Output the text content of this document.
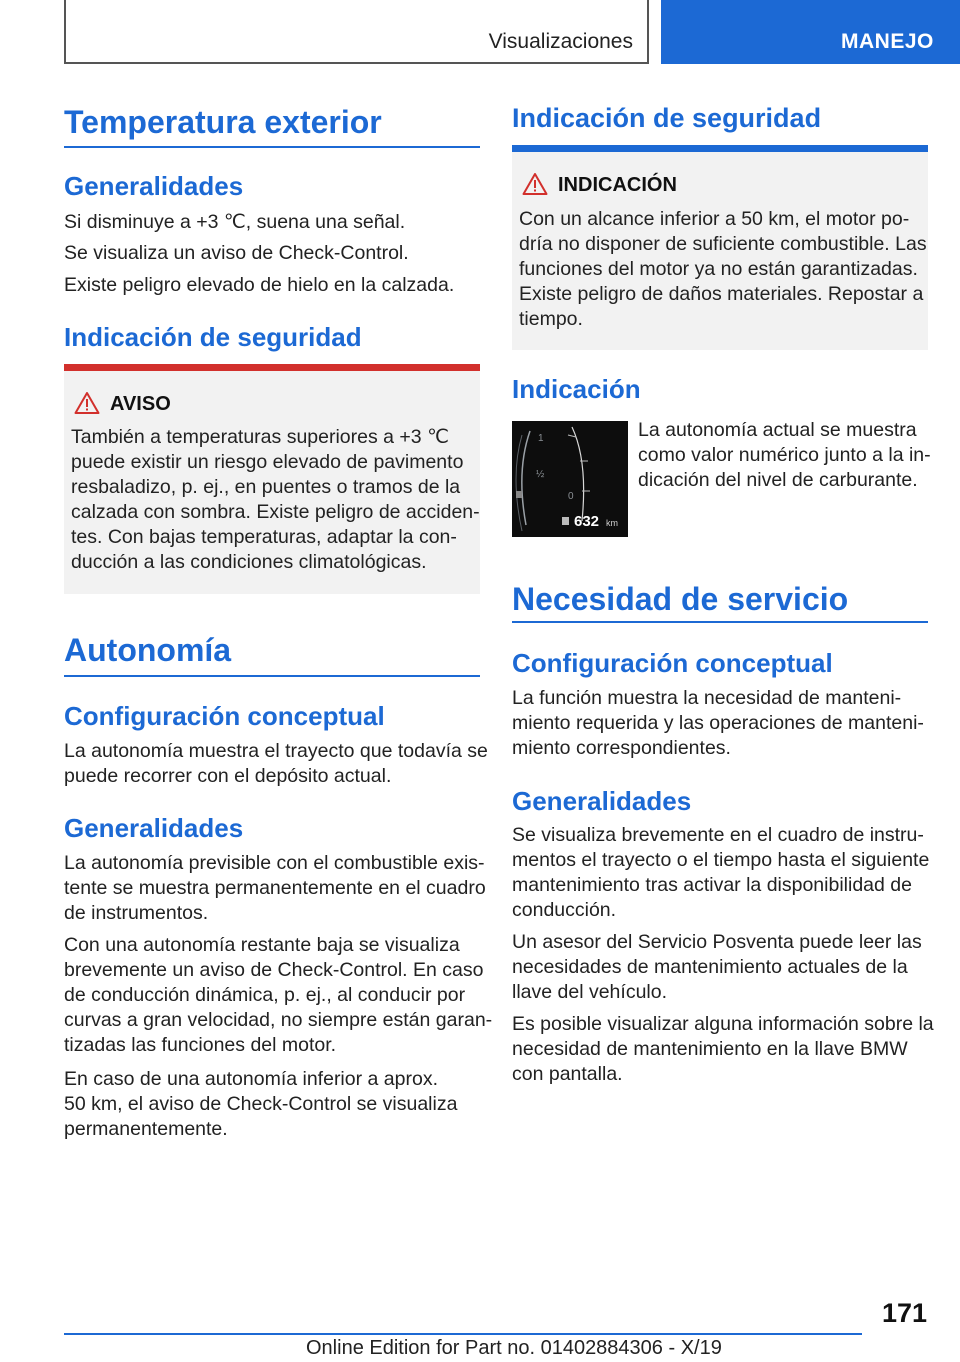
Visualizaciones	MANEJO
Temperatura exterior
Generalidades
Si disminuye a +3 ℃, suena una señal.
Se visualiza un aviso de Check-Control.
Existe peligro elevado de hielo en la calzada.
Indicación de seguridad
AVISO
También a temperaturas superiores a +3 ℃
puede existir un riesgo elevado de pavimento
resbaladizo, p. ej., en puentes o tramos de la
calzada con sombra. Existe peligro de acciden-
tes. Con bajas temperaturas, adaptar la con-
ducción a las condiciones climatológicas.
Autonomía
Configuración conceptual
La autonomía muestra el trayecto que todavía se
puede recorrer con el depósito actual.
Generalidades
La autonomía previsible con el combustible exis-
tente se muestra permanentemente en el cuadro
de instrumentos.
Con una autonomía restante baja se visualiza
brevemente un aviso de Check-Control. En caso
de conducción dinámica, p. ej., al conducir por
curvas a gran velocidad, no siempre están garan-
tizadas las funciones del motor.
En caso de una autonomía inferior a aprox.
50 km, el aviso de Check-Control se visualiza
permanentemente.
Indicación de seguridad
INDICACIÓN
Con un alcance inferior a 50 km, el motor po-
dría no disponer de suficiente combustible. Las
funciones del motor ya no están garantizadas.
Existe peligro de daños materiales. Repostar a
tiempo.
Indicación
1
½
0
632 km
La autonomía actual se muestra
como valor numérico junto a la in-
dicación del nivel de carburante.
Necesidad de servicio
Configuración conceptual
La función muestra la necesidad de manteni-
miento requerida y las operaciones de manteni-
miento correspondientes.
Generalidades
Se visualiza brevemente en el cuadro de instru-
mentos el trayecto o el tiempo hasta el siguiente
mantenimiento tras activar la disponibilidad de
conducción.
Un asesor del Servicio Posventa puede leer las
necesidades de mantenimiento actuales de la
llave del vehículo.
Es posible visualizar alguna información sobre la
necesidad de mantenimiento en la llave BMW
con pantalla.
171
Online Edition for Part no. 01402884306 - X/19
